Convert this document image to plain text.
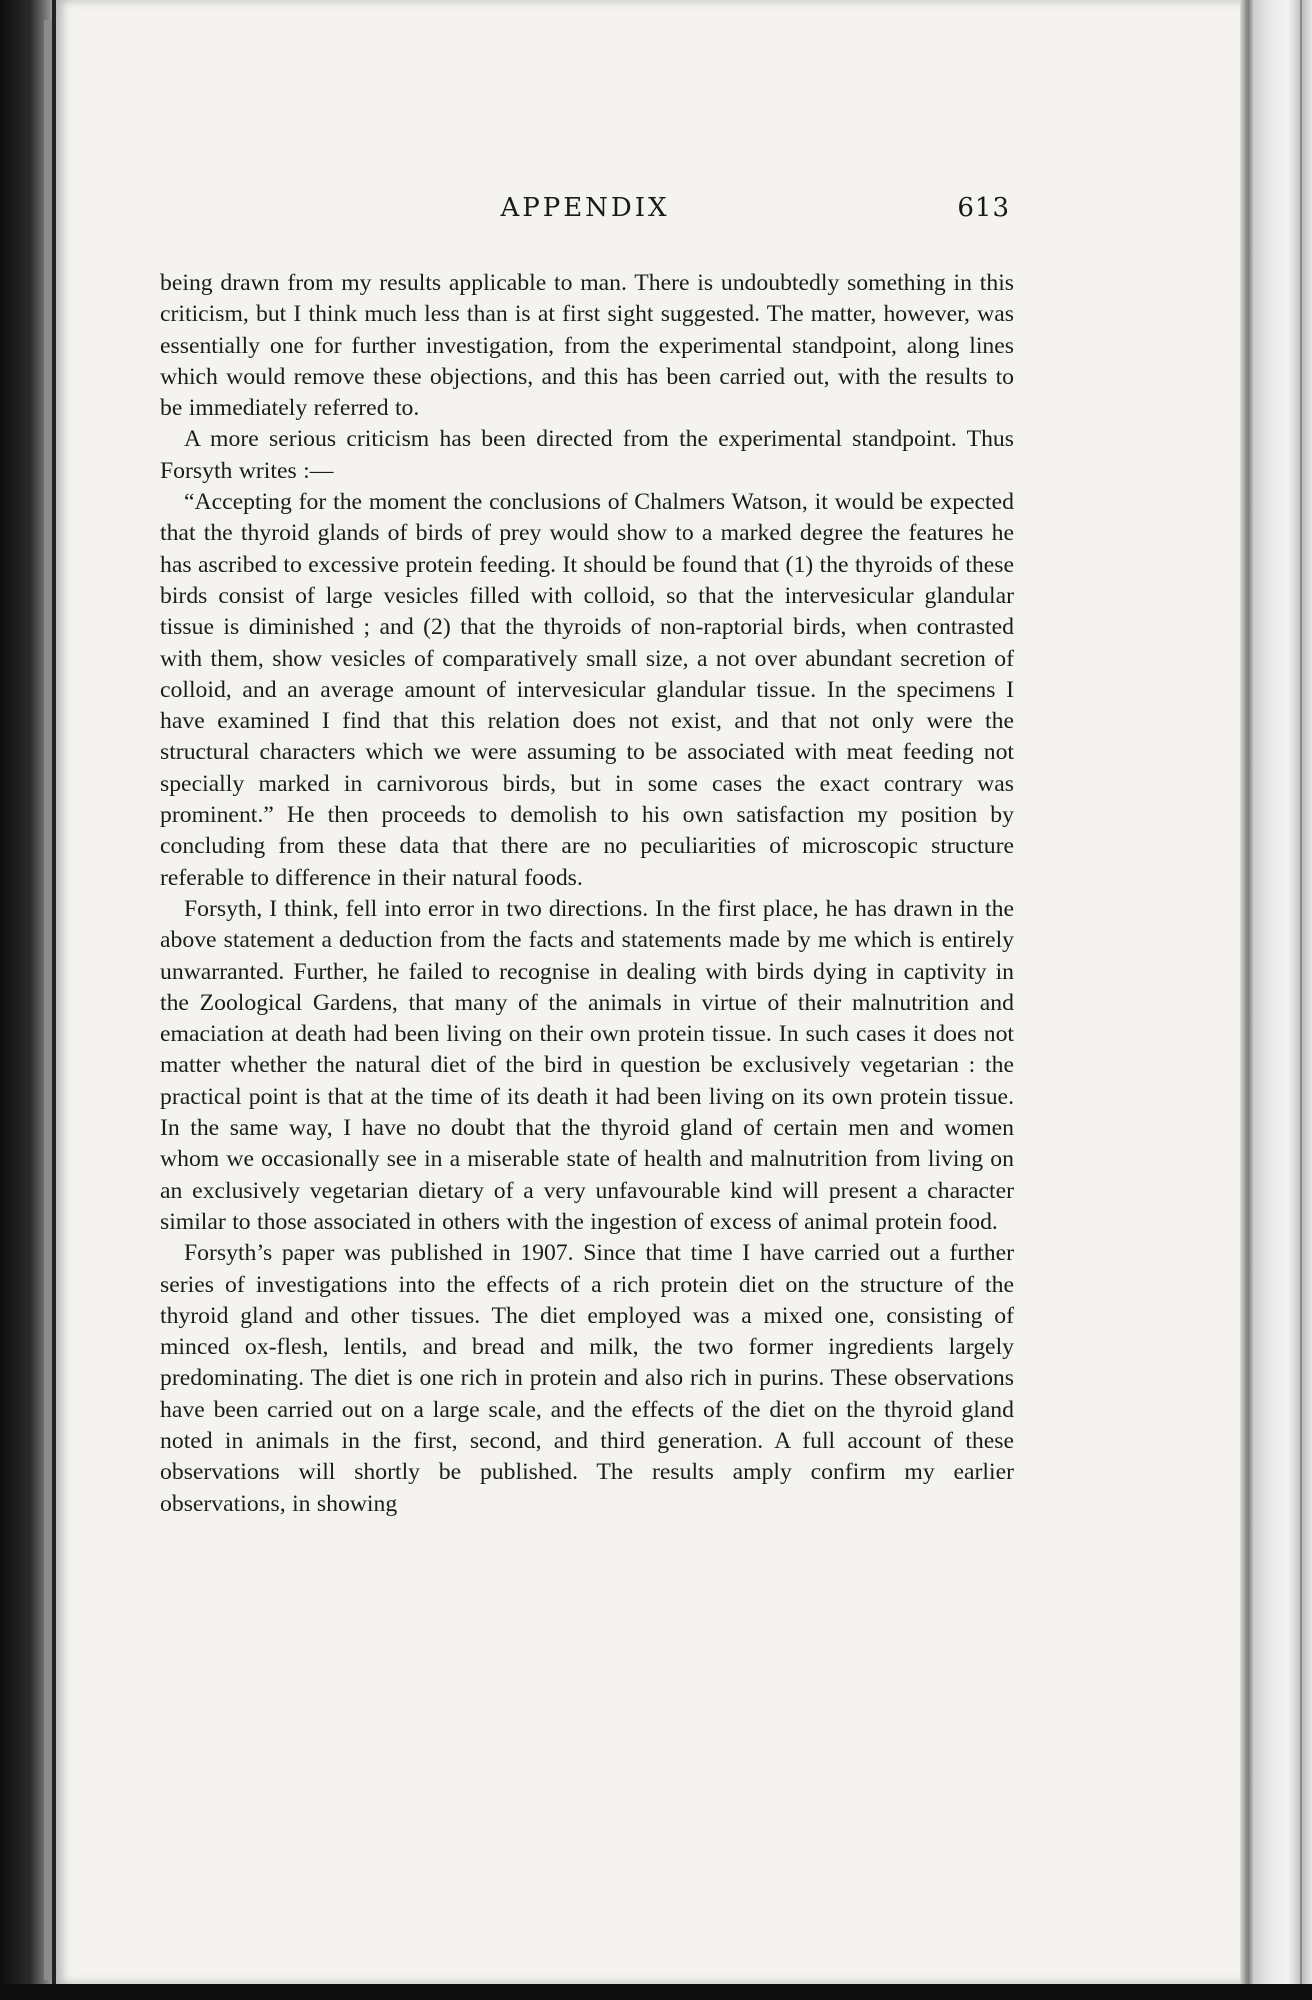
APPENDIX	613

being drawn from my results applicable to man. There is undoubtedly something in this criticism, but I think much less than is at first sight suggested. The matter, however, was essentially one for further investigation, from the experimental standpoint, along lines which would remove these objections, and this has been carried out, with the results to be immediately referred to.

A more serious criticism has been directed from the experimental standpoint. Thus Forsyth writes :—

“Accepting for the moment the conclusions of Chalmers Watson, it would be expected that the thyroid glands of birds of prey would show to a marked degree the features he has ascribed to excessive protein feeding. It should be found that (1) the thyroids of these birds consist of large vesicles filled with colloid, so that the intervesicular glandular tissue is diminished ; and (2) that the thyroids of non-raptorial birds, when contrasted with them, show vesicles of comparatively small size, a not over abundant secretion of colloid, and an average amount of intervesicular glandular tissue. In the specimens I have examined I find that this relation does not exist, and that not only were the structural characters which we were assuming to be associated with meat feeding not specially marked in carnivorous birds, but in some cases the exact contrary was prominent.” He then proceeds to demolish to his own satisfaction my position by concluding from these data that there are no peculiarities of microscopic structure referable to difference in their natural foods.

Forsyth, I think, fell into error in two directions. In the first place, he has drawn in the above statement a deduction from the facts and statements made by me which is entirely unwarranted. Further, he failed to recognise in dealing with birds dying in captivity in the Zoological Gardens, that many of the animals in virtue of their malnutrition and emaciation at death had been living on their own protein tissue. In such cases it does not matter whether the natural diet of the bird in question be exclusively vegetarian : the practical point is that at the time of its death it had been living on its own protein tissue. In the same way, I have no doubt that the thyroid gland of certain men and women whom we occasionally see in a miserable state of health and malnutrition from living on an exclusively vegetarian dietary of a very unfavourable kind will present a character similar to those associated in others with the ingestion of excess of animal protein food.

Forsyth’s paper was published in 1907. Since that time I have carried out a further series of investigations into the effects of a rich protein diet on the structure of the thyroid gland and other tissues. The diet employed was a mixed one, consisting of minced ox-flesh, lentils, and bread and milk, the two former ingredients largely predominating. The diet is one rich in protein and also rich in purins. These observations have been carried out on a large scale, and the effects of the diet on the thyroid gland noted in animals in the first, second, and third generation. A full account of these observations will shortly be published. The results amply confirm my earlier observations, in showing
